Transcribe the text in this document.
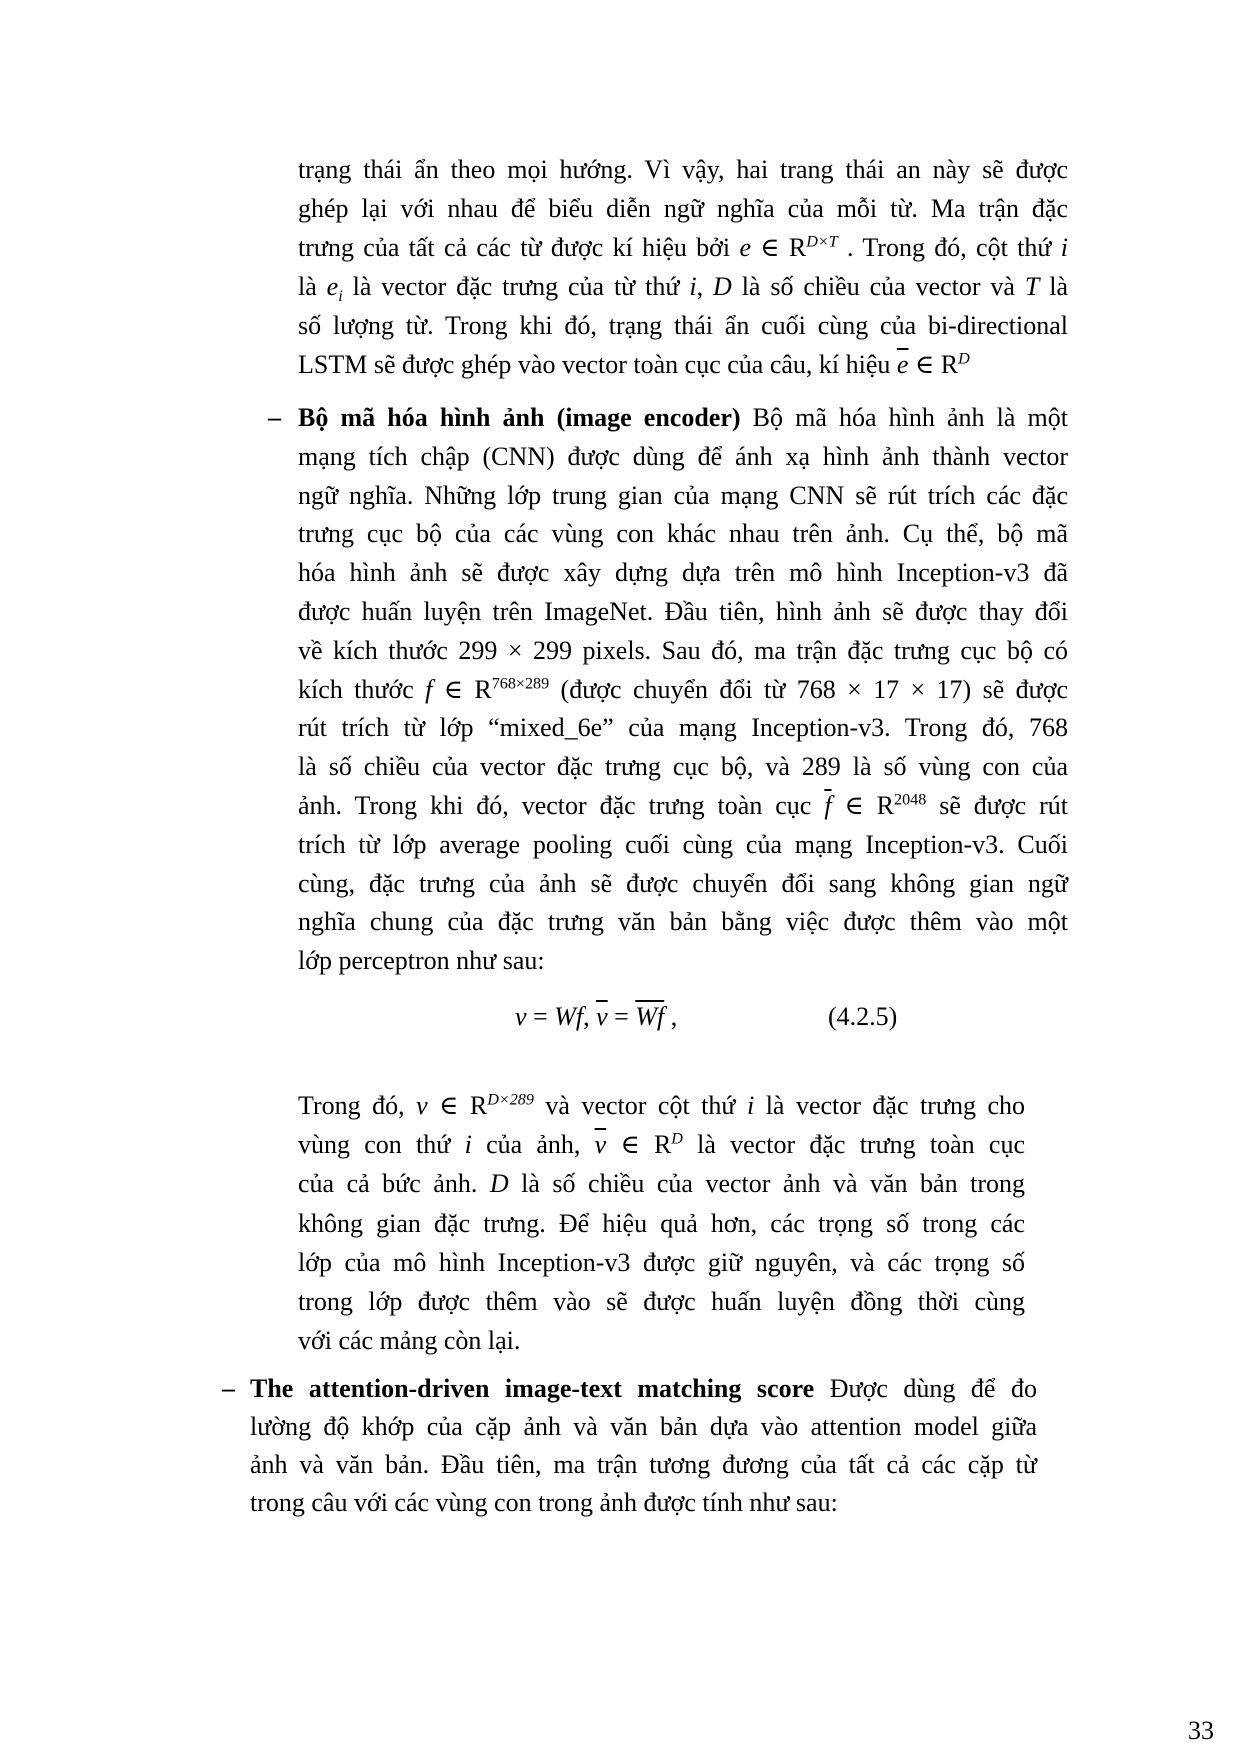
trạng thái ẩn theo mọi hướng. Vì vậy, hai trang thái an này sẽ được
ghép lại với nhau để biểu diễn ngữ nghĩa của mỗi từ. Ma trận đặc
trưng của tất cả các từ được kí hiệu bởi e ∈ $R^{D\times T}$ . Trong đó, cột thứ i
là $e_i$ là vector đặc trưng của từ thứ i, D là số chiều của vector và T là
số lượng từ. Trong khi đó, trạng thái ẩn cuối cùng của bi-directional
LSTM sẽ được ghép vào vector toàn cục của câu, kí hiệu $\overline{e}$ ∈ $R^D$
– Bộ mã hóa hình ảnh (image encoder) Bộ mã hóa hình ảnh là một
mạng tích chập (CNN) được dùng để ánh xạ hình ảnh thành vector
ngữ nghĩa. Những lớp trung gian của mạng CNN sẽ rút trích các đặc
trưng cục bộ của các vùng con khác nhau trên ảnh. Cụ thể, bộ mã
hóa hình ảnh sẽ được xây dựng dựa trên mô hình Inception-v3 đã
được huấn luyện trên ImageNet. Đầu tiên, hình ảnh sẽ được thay đổi
về kích thước 299 × 299 pixels. Sau đó, ma trận đặc trưng cục bộ có
kích thước f ∈ $R^{768\times 289}$ (được chuyển đổi từ 768 × 17 × 17) sẽ được
rút trích từ lớp “mixed_6e” của mạng Inception-v3. Trong đó, 768
là số chiều của vector đặc trưng cục bộ, và 289 là số vùng con của
ảnh. Trong khi đó, vector đặc trưng toàn cục $\overline{f}$ ∈ $R^{2048}$ sẽ được rút
trích từ lớp average pooling cuối cùng của mạng Inception-v3. Cuối
cùng, đặc trưng của ảnh sẽ được chuyển đổi sang không gian ngữ
nghĩa chung của đặc trưng văn bản bằng việc được thêm vào một
lớp perceptron như sau:
v = Wf, $\overline{v} = \overline{Wf}$ ,	(4.2.5)
Trong đó, v ∈ $R^{D\times 289}$ và vector cột thứ i là vector đặc trưng cho
vùng con thứ i của ảnh, $\overline{v}$ ∈ $R^D$ là vector đặc trưng toàn cục
của cả bức ảnh. D là số chiều của vector ảnh và văn bản trong
không gian đặc trưng. Để hiệu quả hơn, các trọng số trong các
lớp của mô hình Inception-v3 được giữ nguyên, và các trọng số
trong lớp được thêm vào sẽ được huấn luyện đồng thời cùng
với các mảng còn lại.
– The attention-driven image-text matching score Được dùng để đo
lường độ khớp của cặp ảnh và văn bản dựa vào attention model giữa
ảnh và văn bản. Đầu tiên, ma trận tương đương của tất cả các cặp từ
trong câu với các vùng con trong ảnh được tính như sau:
33
